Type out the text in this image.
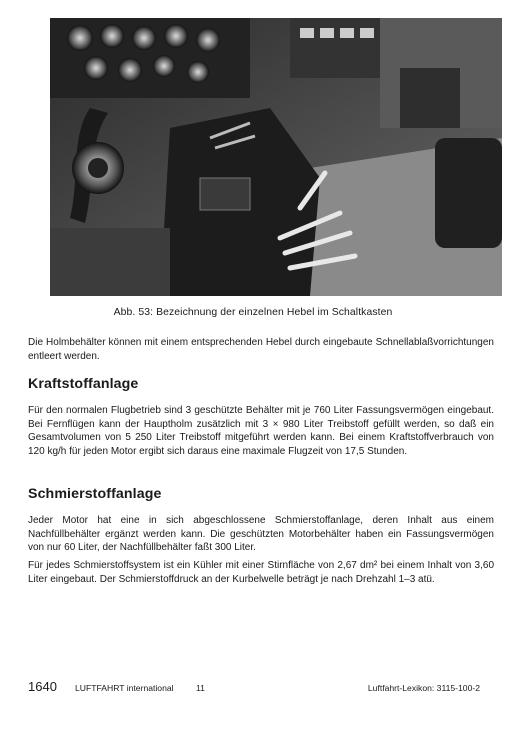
Abb. 53: Bezeichnung der einzelnen Hebel im Schaltkasten

Die Holmbehälter können mit einem entsprechenden Hebel durch eingebaute Schnellablaßvorrichtungen entleert werden.

Kraftstoffanlage

Für den normalen Flugbetrieb sind 3 geschützte Behälter mit je 760 Liter Fassungsvermögen eingebaut. Bei Fernflügen kann der Hauptholm zusätzlich mit 3 × 980 Liter Treibstoff gefüllt werden, so daß ein Gesamtvolumen von 5 250 Liter Treibstoff mitgeführt werden kann. Bei einem Kraftstoffverbrauch von 120 kg/h für jeden Motor ergibt sich daraus eine maximale Flugzeit von 17,5 Stunden.

Schmierstoffanlage

Jeder Motor hat eine in sich abgeschlossene Schmierstoffanlage, deren Inhalt aus einem Nachfüllbehälter ergänzt werden kann. Die geschützten Motorbehälter haben ein Fassungsvermögen von nur 60 Liter, der Nachfüllbehälter faßt 300 Liter.

Für jedes Schmierstoffsystem ist ein Kühler mit einer Stirnfläche von 2,67 dm² bei einem Inhalt von 3,60 Liter eingebaut. Der Schmierstoffdruck an der Kurbelwelle beträgt je nach Drehzahl 1–3 atü.

1640 LUFTFAHRT international	11	Luftfahrt-Lexikon: 3115-100-2
